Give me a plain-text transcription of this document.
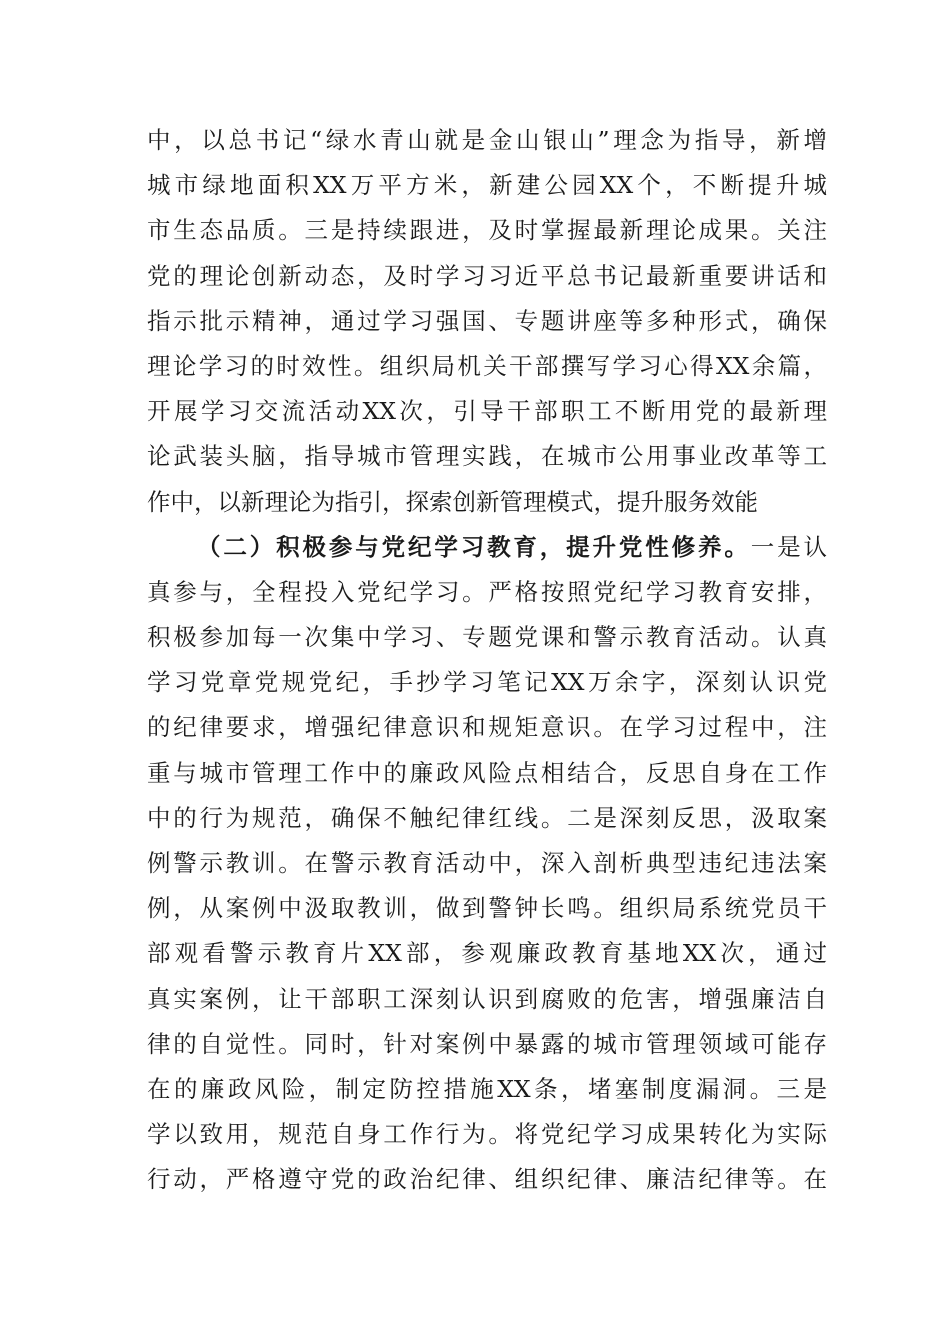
中，以总书记“绿水青山就是金山银山”理念为指导，新增
城市绿地面积XX万平方米，新建公园XX个，不断提升城
市生态品质。三是持续跟进，及时掌握最新理论成果。关注
党的理论创新动态，及时学习习近平总书记最新重要讲话和
指示批示精神，通过学习强国、专题讲座等多种形式，确保
理论学习的时效性。组织局机关干部撰写学习心得XX余篇，
开展学习交流活动XX次，引导干部职工不断用党的最新理
论武装头脑，指导城市管理实践，在城市公用事业改革等工
作中，以新理论为指引，探索创新管理模式，提升服务效能
（二）积极参与党纪学习教育，提升党性修养。一是认
真参与，全程投入党纪学习。严格按照党纪学习教育安排，
积极参加每一次集中学习、专题党课和警示教育活动。认真
学习党章党规党纪，手抄学习笔记XX万余字，深刻认识党
的纪律要求，增强纪律意识和规矩意识。在学习过程中，注
重与城市管理工作中的廉政风险点相结合，反思自身在工作
中的行为规范，确保不触纪律红线。二是深刻反思，汲取案
例警示教训。在警示教育活动中，深入剖析典型违纪违法案
例，从案例中汲取教训，做到警钟长鸣。组织局系统党员干
部观看警示教育片XX部，参观廉政教育基地XX次，通过
真实案例，让干部职工深刻认识到腐败的危害，增强廉洁自
律的自觉性。同时，针对案例中暴露的城市管理领域可能存
在的廉政风险，制定防控措施XX条，堵塞制度漏洞。三是
学以致用，规范自身工作行为。将党纪学习成果转化为实际
行动，严格遵守党的政治纪律、组织纪律、廉洁纪律等。在
